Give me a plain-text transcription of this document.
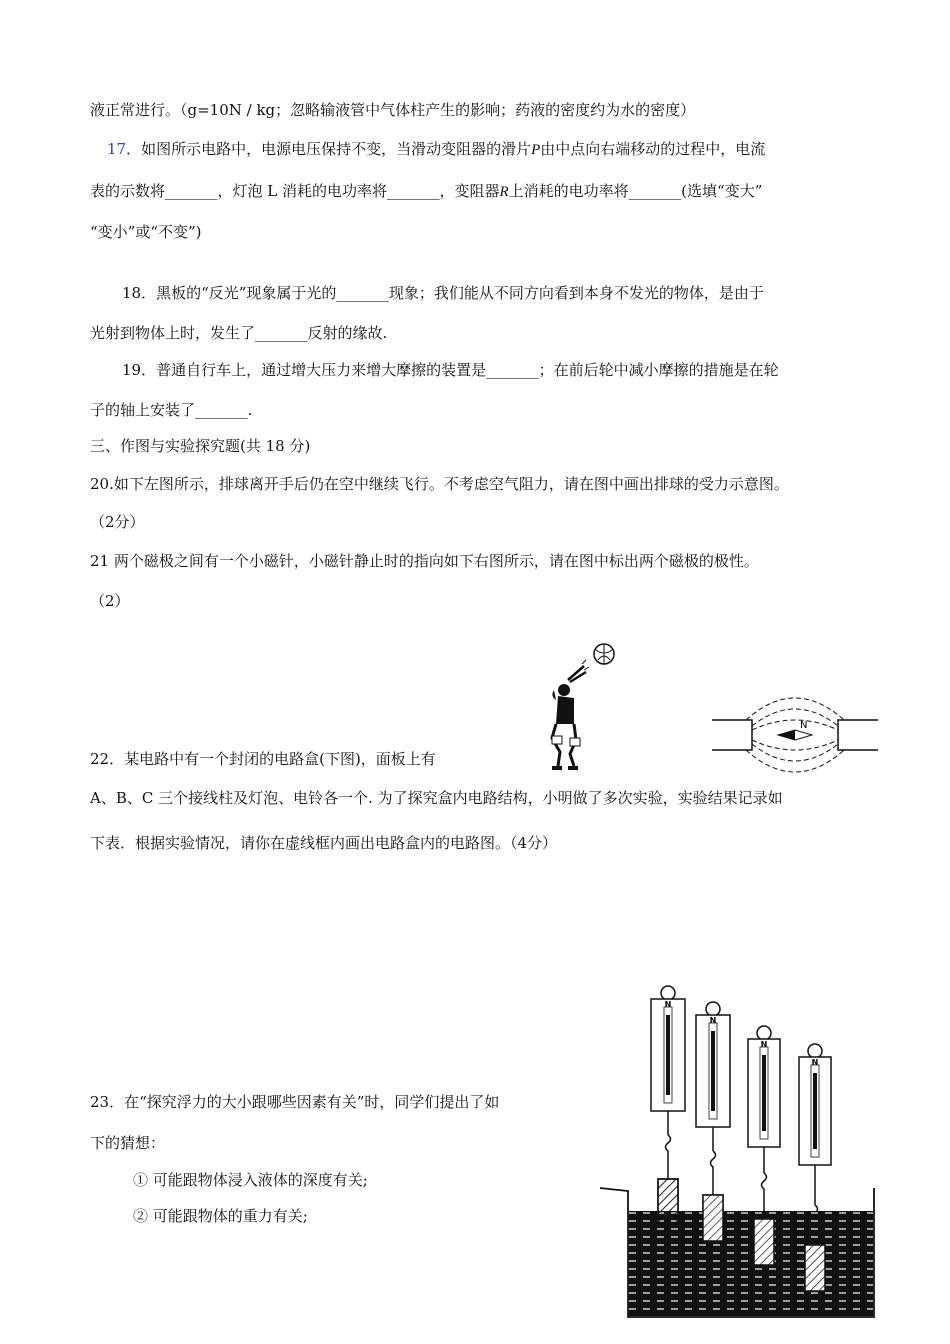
液正常进行。（g=10N / kg；忽略输液管中气体柱产生的影响；药液的密度约为水的密度）
17．如图所示电路中，电源电压保持不变，当滑动变阻器的滑片P由中点向右端移动的过程中，电流
表的示数将_______，灯泡 L 消耗的电功率将_______，变阻器R上消耗的电功率将_______(选填“变大”
“变小”或“不变”)
18．黑板的“反光”现象属于光的_______现象；我们能从不同方向看到本身不发光的物体，是由于
光射到物体上时，发生了_______反射的缘故.
19．普通自行车上，通过增大压力来增大摩擦的装置是_______；在前后轮中减小摩擦的措施是在轮
子的轴上安装了_______.
三、作图与实验探究题(共 18 分)
20.如下左图所示，排球离开手后仍在空中继续飞行。不考虑空气阻力，请在图中画出排球的受力示意图。
（2分）
21 两个磁极之间有一个小磁针，小磁针静止时的指向如下右图所示，请在图中标出两个磁极的极性。
（2）
N
22．某电路中有一个封闭的电路盒(下图)，面板上有
A、B、C 三个接线柱及灯泡、电铃各一个. 为了探究盒内电路结构，小明做了多次实验，实验结果记录如
下表．根据实验情况，请你在虚线框内画出电路盒内的电路图。（4分）
23．在“探究浮力的大小跟哪些因素有关”时，同学们提出了如
下的猜想：
① 可能跟物体浸入液体的深度有关;
② 可能跟物体的重力有关;
N
N
N
N
